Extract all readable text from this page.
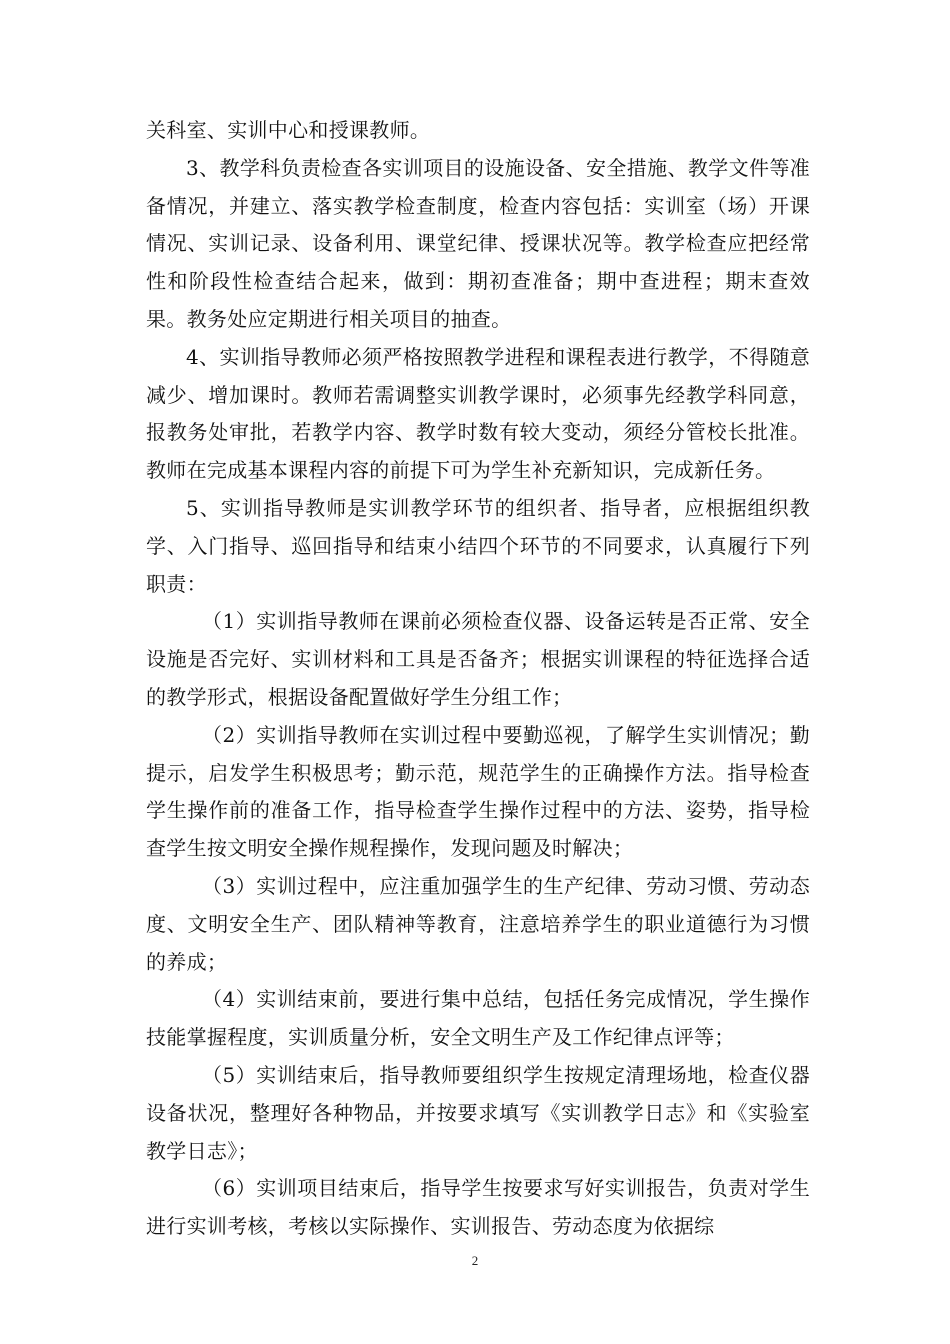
关科室、实训中心和授课教师。

3、教学科负责检查各实训项目的设施设备、安全措施、教学文件等准备情况，并建立、落实教学检查制度，检查内容包括：实训室（场）开课情况、实训记录、设备利用、课堂纪律、授课状况等。教学检查应把经常性和阶段性检查结合起来，做到：期初查准备；期中查进程；期末查效果。教务处应定期进行相关项目的抽查。

4、实训指导教师必须严格按照教学进程和课程表进行教学，不得随意减少、增加课时。教师若需调整实训教学课时，必须事先经教学科同意，报教务处审批，若教学内容、教学时数有较大变动，须经分管校长批准。教师在完成基本课程内容的前提下可为学生补充新知识，完成新任务。

5、实训指导教师是实训教学环节的组织者、指导者，应根据组织教学、入门指导、巡回指导和结束小结四个环节的不同要求，认真履行下列职责：

（1）实训指导教师在课前必须检查仪器、设备运转是否正常、安全设施是否完好、实训材料和工具是否备齐；根据实训课程的特征选择合适的教学形式，根据设备配置做好学生分组工作；

（2）实训指导教师在实训过程中要勤巡视，了解学生实训情况；勤提示，启发学生积极思考；勤示范，规范学生的正确操作方法。指导检查学生操作前的准备工作，指导检查学生操作过程中的方法、姿势，指导检查学生按文明安全操作规程操作，发现问题及时解决；

（3）实训过程中，应注重加强学生的生产纪律、劳动习惯、劳动态度、文明安全生产、团队精神等教育，注意培养学生的职业道德行为习惯的养成；

（4）实训结束前，要进行集中总结，包括任务完成情况，学生操作技能掌握程度，实训质量分析，安全文明生产及工作纪律点评等；

（5）实训结束后，指导教师要组织学生按规定清理场地，检查仪器设备状况，整理好各种物品，并按要求填写《实训教学日志》和《实验室教学日志》；

（6）实训项目结束后，指导学生按要求写好实训报告，负责对学生进行实训考核，考核以实际操作、实训报告、劳动态度为依据综

2
